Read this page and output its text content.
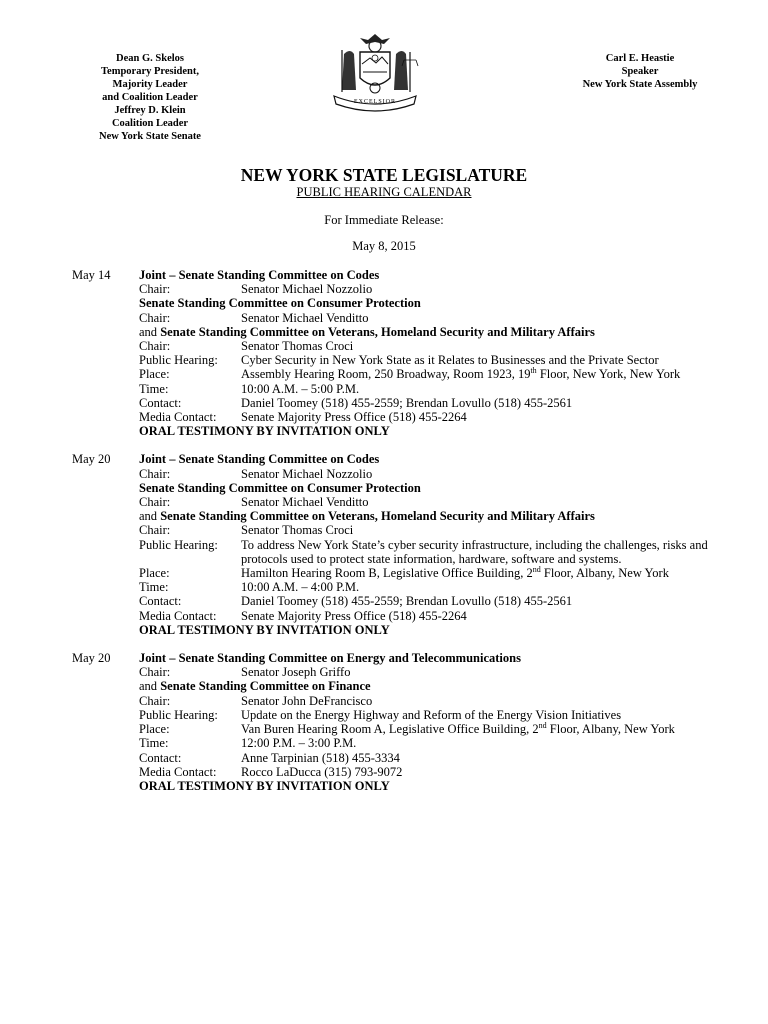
Dean G. Skelos
Temporary President,
Majority Leader
and Coalition Leader
Jeffrey D. Klein
Coalition Leader
New York State Senate
EXCELSIOR
Carl E. Heastie
Speaker
New York State Assembly
NEW YORK STATE LEGISLATURE
PUBLIC HEARING CALENDAR
For Immediate Release:
May 8, 2015
May 14	Joint – Senate Standing Committee on Codes
Chair:	Senator Michael Nozzolio
Senate Standing Committee on Consumer Protection
Chair:	Senator Michael Venditto
and Senate Standing Committee on Veterans, Homeland Security and Military Affairs
Chair:	Senator Thomas Croci
Public Hearing:	Cyber Security in New York State as it Relates to Businesses and the Private Sector
Place:	Assembly Hearing Room, 250 Broadway, Room 1923, 19th Floor, New York, New York
Time:	10:00 A.M. – 5:00 P.M.
Contact:	Daniel Toomey (518) 455-2559; Brendan Lovullo (518) 455-2561
Media Contact:	Senate Majority Press Office (518) 455-2264
ORAL TESTIMONY BY INVITATION ONLY
May 20	Joint – Senate Standing Committee on Codes
Chair:	Senator Michael Nozzolio
Senate Standing Committee on Consumer Protection
Chair:	Senator Michael Venditto
and Senate Standing Committee on Veterans, Homeland Security and Military Affairs
Chair:	Senator Thomas Croci
Public Hearing:	To address New York State’s cyber security infrastructure, including the challenges, risks and protocols used to protect state information, hardware, software and systems.
Place:	Hamilton Hearing Room B, Legislative Office Building, 2nd Floor, Albany, New York
Time:	10:00 A.M. – 4:00 P.M.
Contact:	Daniel Toomey (518) 455-2559; Brendan Lovullo (518) 455-2561
Media Contact:	Senate Majority Press Office (518) 455-2264
ORAL TESTIMONY BY INVITATION ONLY
May 20	Joint – Senate Standing Committee on Energy and Telecommunications
Chair:	Senator Joseph Griffo
and Senate Standing Committee on Finance
Chair:	Senator John DeFrancisco
Public Hearing:	Update on the Energy Highway and Reform of the Energy Vision Initiatives
Place:	Van Buren Hearing Room A, Legislative Office Building, 2nd Floor, Albany, New York
Time:	12:00 P.M. – 3:00 P.M.
Contact:	Anne Tarpinian (518) 455-3334
Media Contact:	Rocco LaDucca (315) 793-9072
ORAL TESTIMONY BY INVITATION ONLY
